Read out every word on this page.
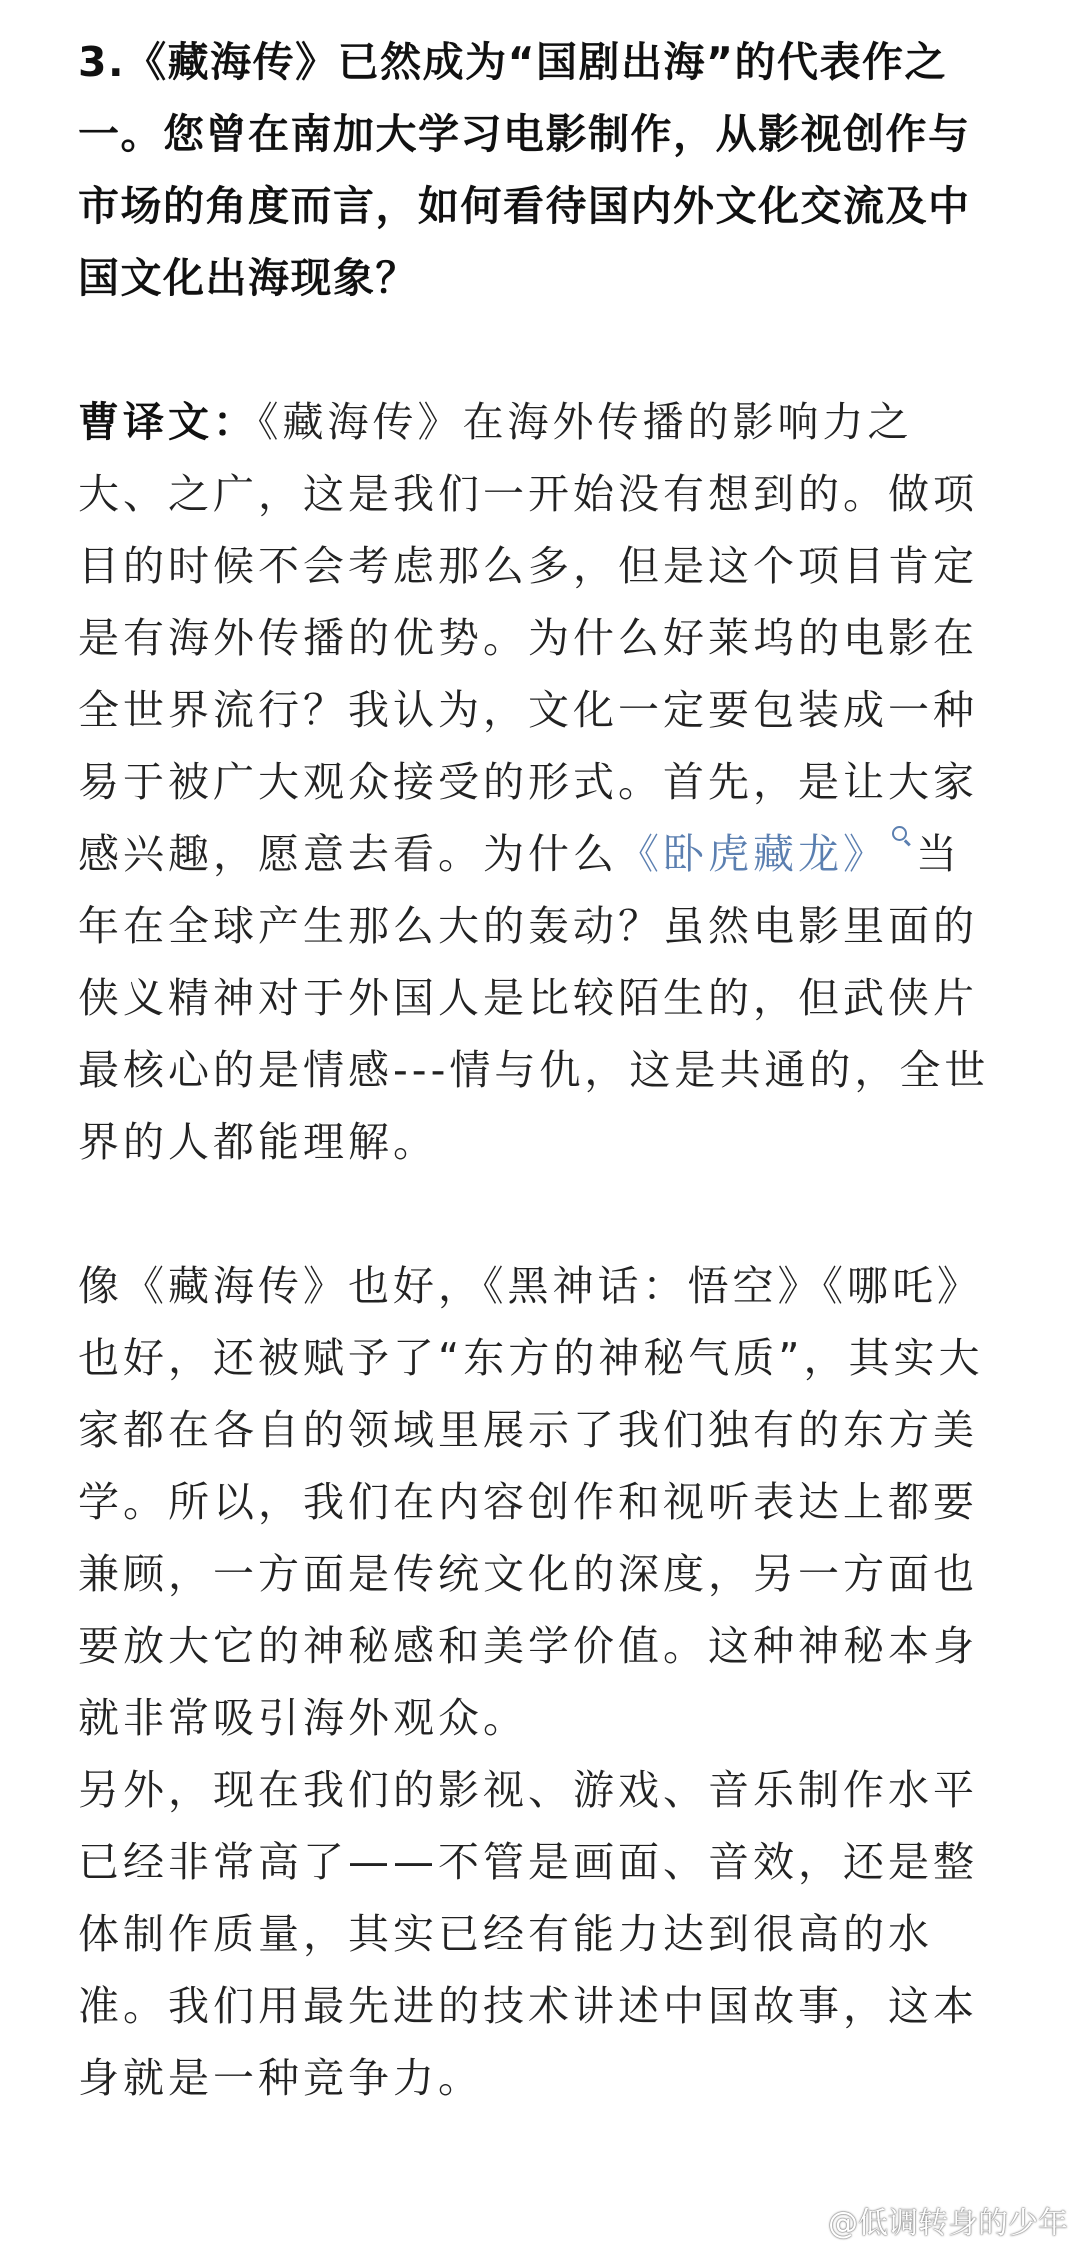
3.《藏海传》已然成为“国剧出海”的代表作之一。您曾在南加大学习电影制作，从影视创作与市场的角度而言，如何看待国内外文化交流及中国文化出海现象？

曹译文：《藏海传》在海外传播的影响力之大、之广，这是我们一开始没有想到的。做项目的时候不会考虑那么多，但是这个项目肯定是有海外传播的优势。为什么好莱坞的电影在全世界流行？我认为，文化一定要包装成一种易于被广大观众接受的形式。首先，是让大家感兴趣，愿意去看。为什么《卧虎藏龙》 当年在全球产生那么大的轰动？虽然电影里面的侠义精神对于外国人是比较陌生的，但武侠片最核心的是情感---情与仇，这是共通的，全世界的人都能理解。

像《藏海传》也好，《黑神话：悟空》《哪吒》也好，还被赋予了“东方的神秘气质”，其实大家都在各自的领域里展示了我们独有的东方美学。所以，我们在内容创作和视听表达上都要兼顾，一方面是传统文化的深度，另一方面也要放大它的神秘感和美学价值。这种神秘本身就非常吸引海外观众。

另外，现在我们的影视、游戏、音乐制作水平已经非常高了——不管是画面、音效，还是整体制作质量，其实已经有能力达到很高的水准。我们用最先进的技术讲述中国故事，这本身就是一种竞争力。

@低调转身的少年
